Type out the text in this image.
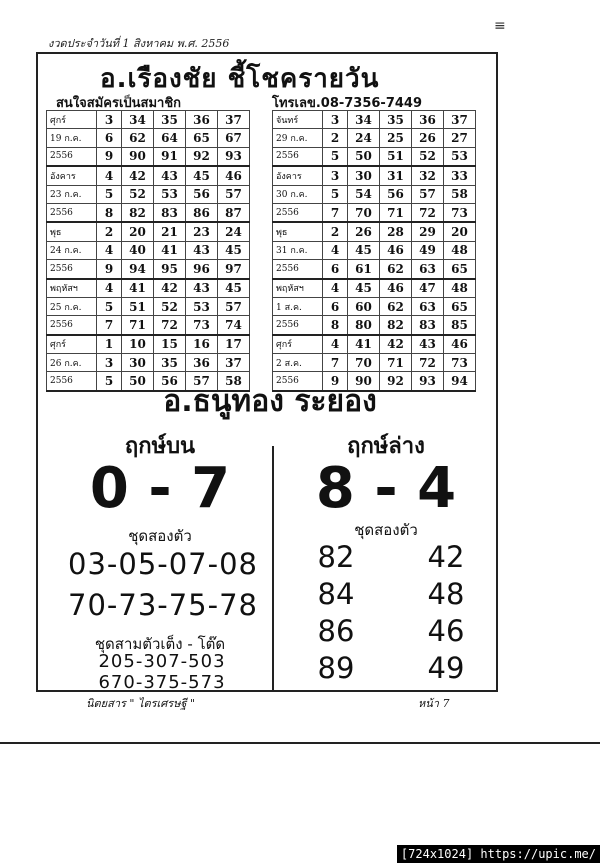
งวดประจำวันที่ 1 สิงหาคม พ.ศ. 2556
≡
อ.เรืองชัย ชี้โชครายวัน
สนใจสมัครเป็นสมาชิก	โทรเลข.08-7356-7449
ศุกร์	3	34	35	36	37
19 ก.ค.	6	62	64	65	67
2556	9	90	91	92	93
อังคาร	4	42	43	45	46
23 ก.ค.	5	52	53	56	57
2556	8	82	83	86	87
พุธ	2	20	21	23	24
24 ก.ค.	4	40	41	43	45
2556	9	94	95	96	97
พฤหัสฯ	4	41	42	43	45
25 ก.ค.	5	51	52	53	57
2556	7	71	72	73	74
ศุกร์	1	10	15	16	17
26 ก.ค.	3	30	35	36	37
2556	5	50	56	57	58
จันทร์	3	34	35	36	37
29 ก.ค.	2	24	25	26	27
2556	5	50	51	52	53
อังคาร	3	30	31	32	33
30 ก.ค.	5	54	56	57	58
2556	7	70	71	72	73
พุธ	2	26	28	29	20
31 ก.ค.	4	45	46	49	48
2556	6	61	62	63	65
พฤหัสฯ	4	45	46	47	48
1 ส.ค.	6	60	62	63	65
2556	8	80	82	83	85
ศุกร์	4	41	42	43	46
2 ส.ค.	7	70	71	72	73
2556	9	90	92	93	94
อ.ธนูทอง ระยอง
ฤกษ์บน
0 - 7
ชุดสองตัว
03-05-07-08
70-73-75-78
ชุดสามตัวเต็ง - โต๊ด
205-307-503
670-375-573
ฤกษ์ล่าง
8 - 4
ชุดสองตัว
82	42
84	48
86	46
89	49
นิตยสาร " ไตรเศรษฐี "	หน้า 7
[724x1024] https://upic.me/
